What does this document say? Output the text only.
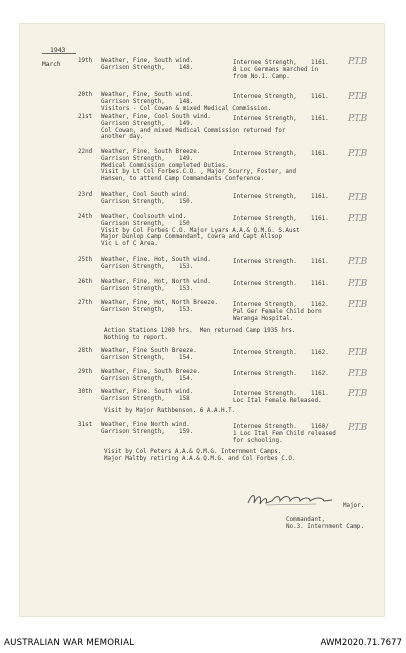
1943
March	19th Weather, Fine, South wind.
Garrison Strength,    148.
Internee Strength,    1161.
8 Loc Germans marched in
from No.1. Camp.
P.T.B
20th Weather, Fine, South wind.
Garrison Strength,    148.
Visitors - Col Cowan & mixed Medical Commission.
Internee Strength,    1161. P.T.B
21st Weather, Fine, Cool South wind.
Garrison Strength,    149.
Col Cowan, and mixed Medical Commission returned for
another day.
Internee Strength,    1161. P.T.B
22nd Weather, Fine, South Breeze.
Garrison Strength,    149.
Medical Commission completed Duties.
Visit by Lt Col Forbes.C.O. , Major Scurry, Foster, and
Hansen, to attend Camp Commandants Conference.
Internee Strength,    1161. P.T.B
23rd Weather, Cool South wind.
Garrison Strength,    150.
Internee Strength,    1161. P.T.B
24th Weather, Coolsouth wind.
Garrison Strength,    150
Visit by Col Forbes C.O. Major Lyars A.A.& Q.M.G. S.Aust
Major Dunlop Camp Commandant, Cowra and Capt Allsop
Vic L of C Area.
Internee Strength,    1161. P.T.B
25th Weather, Fine. Hot, South wind.
Garrison Strength,    153.
Internee Strength.    1161. P.T.B
26th Weather, Fine, Hot, North wind.
Garrison Strength,    153.
Internee Strength.    1161. P.T.B
27th Weather, Fine, Hot, North Breeze.
Garrison Strength,    153.
Internee Strength,    1162.
Pal Ger Female Child born
Waranga Hospital.
P.T.B
28th Weather, Fine South Breeze.
Garrison Strength,    154.
Internee Strength.    1162. P.T.B
29th Weather, Fine, South Breeze.
Garrison Strength,    154.
Internee Strength.    1162. P.T.B
30th Weather, Fine. South wind.
Garrison Strength,    158
Internee Strength.    1161.
Loc Ital Female Released.
P.T.B
31st Weather, Fine North wind.
Garrison Strength,    159.
Internee Strength.    1160/
1 Loc Ital Fem Child released
for schooling.
P.T.B
Action Stations 1200 hrs.  Men returned Camp 1935 hrs.
Nothing to report.
Visit by Major Rathbenson. 6 A.A.H.T.
Visit by Col Peters A.A.& Q.M.G. Internment Camps.
Major Maltby retiring A.A.& Q.M.G. and Col Forbes C.O.
Major.
Commandant,
No.3. Internment Camp.
AUSTRALIAN WAR MEMORIAL	AWM2020.71.7677
